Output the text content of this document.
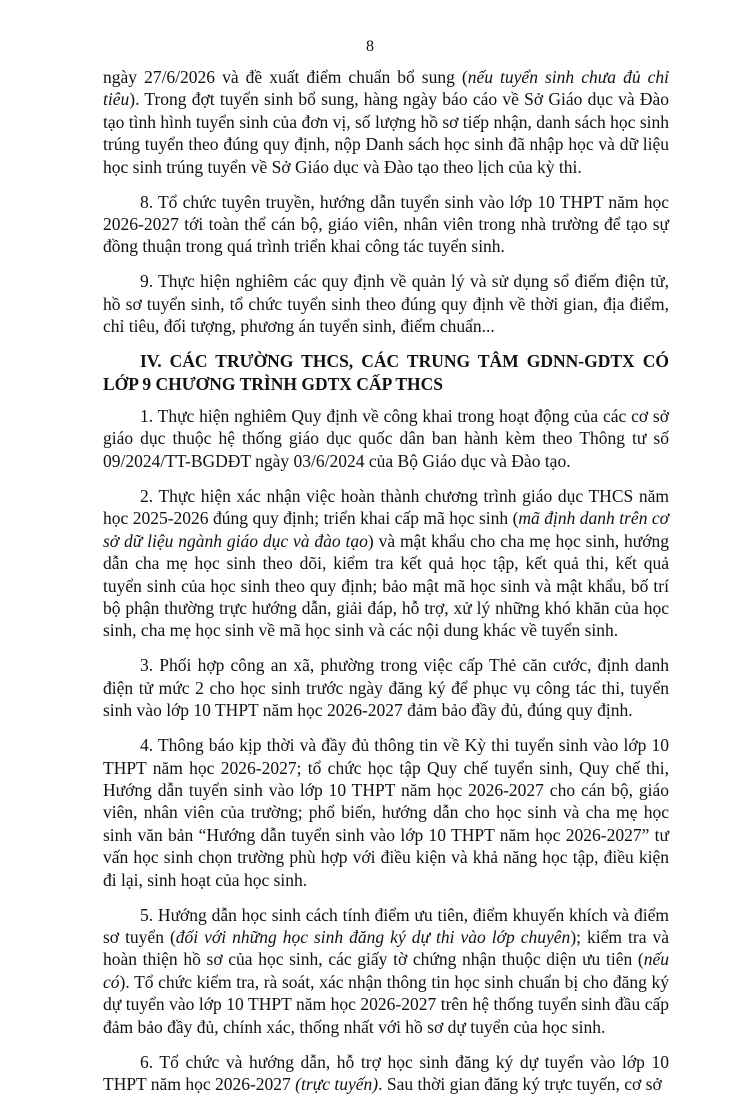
8

ngày 27/6/2026 và đề xuất điểm chuẩn bổ sung (nếu tuyển sinh chưa đủ chỉ tiêu). Trong đợt tuyển sinh bổ sung, hàng ngày báo cáo về Sở Giáo dục và Đào tạo tình hình tuyển sinh của đơn vị, số lượng hồ sơ tiếp nhận, danh sách học sinh trúng tuyển theo đúng quy định, nộp Danh sách học sinh đã nhập học và dữ liệu học sinh trúng tuyển về Sở Giáo dục và Đào tạo theo lịch của kỳ thi.

8. Tổ chức tuyên truyền, hướng dẫn tuyển sinh vào lớp 10 THPT năm học 2026-2027 tới toàn thể cán bộ, giáo viên, nhân viên trong nhà trường để tạo sự đồng thuận trong quá trình triển khai công tác tuyển sinh.

9. Thực hiện nghiêm các quy định về quản lý và sử dụng sổ điểm điện tử, hồ sơ tuyển sinh, tổ chức tuyển sinh theo đúng quy định về thời gian, địa điểm, chỉ tiêu, đối tượng, phương án tuyển sinh, điểm chuẩn...

IV. CÁC TRƯỜNG THCS, CÁC TRUNG TÂM GDNN-GDTX CÓ LỚP 9 CHƯƠNG TRÌNH GDTX CẤP THCS

1. Thực hiện nghiêm Quy định về công khai trong hoạt động của các cơ sở giáo dục thuộc hệ thống giáo dục quốc dân ban hành kèm theo Thông tư số 09/2024/TT-BGDĐT ngày 03/6/2024 của Bộ Giáo dục và Đào tạo.

2. Thực hiện xác nhận việc hoàn thành chương trình giáo dục THCS năm học 2025-2026 đúng quy định; triển khai cấp mã học sinh (mã định danh trên cơ sở dữ liệu ngành giáo dục và đào tạo) và mật khẩu cho cha mẹ học sinh, hướng dẫn cha mẹ học sinh theo dõi, kiểm tra kết quả học tập, kết quả thi, kết quả tuyển sinh của học sinh theo quy định; bảo mật mã học sinh và mật khẩu, bố trí bộ phận thường trực hướng dẫn, giải đáp, hỗ trợ, xử lý những khó khăn của học sinh, cha mẹ học sinh về mã học sinh và các nội dung khác về tuyển sinh.

3. Phối hợp công an xã, phường trong việc cấp Thẻ căn cước, định danh điện tử mức 2 cho học sinh trước ngày đăng ký để phục vụ công tác thi, tuyển sinh vào lớp 10 THPT năm học 2026-2027 đảm bảo đầy đủ, đúng quy định.

4. Thông báo kịp thời và đầy đủ thông tin về Kỳ thi tuyển sinh vào lớp 10 THPT năm học 2026-2027; tổ chức học tập Quy chế tuyển sinh, Quy chế thi, Hướng dẫn tuyển sinh vào lớp 10 THPT năm học 2026-2027 cho cán bộ, giáo viên, nhân viên của trường; phổ biến, hướng dẫn cho học sinh và cha mẹ học sinh văn bản “Hướng dẫn tuyển sinh vào lớp 10 THPT năm học 2026-2027” tư vấn học sinh chọn trường phù hợp với điều kiện và khả năng học tập, điều kiện đi lại, sinh hoạt của học sinh.

5. Hướng dẫn học sinh cách tính điểm ưu tiên, điểm khuyến khích và điểm sơ tuyển (đối với những học sinh đăng ký dự thi vào lớp chuyên); kiểm tra và hoàn thiện hồ sơ của học sinh, các giấy tờ chứng nhận thuộc diện ưu tiên (nếu có). Tổ chức kiểm tra, rà soát, xác nhận thông tin học sinh chuẩn bị cho đăng ký dự tuyển vào lớp 10 THPT năm học 2026-2027 trên hệ thống tuyển sinh đầu cấp đảm bảo đầy đủ, chính xác, thống nhất với hồ sơ dự tuyển của học sinh.

6. Tổ chức và hướng dẫn, hỗ trợ học sinh đăng ký dự tuyển vào lớp 10 THPT năm học 2026-2027 (trực tuyến). Sau thời gian đăng ký trực tuyến, cơ sở
